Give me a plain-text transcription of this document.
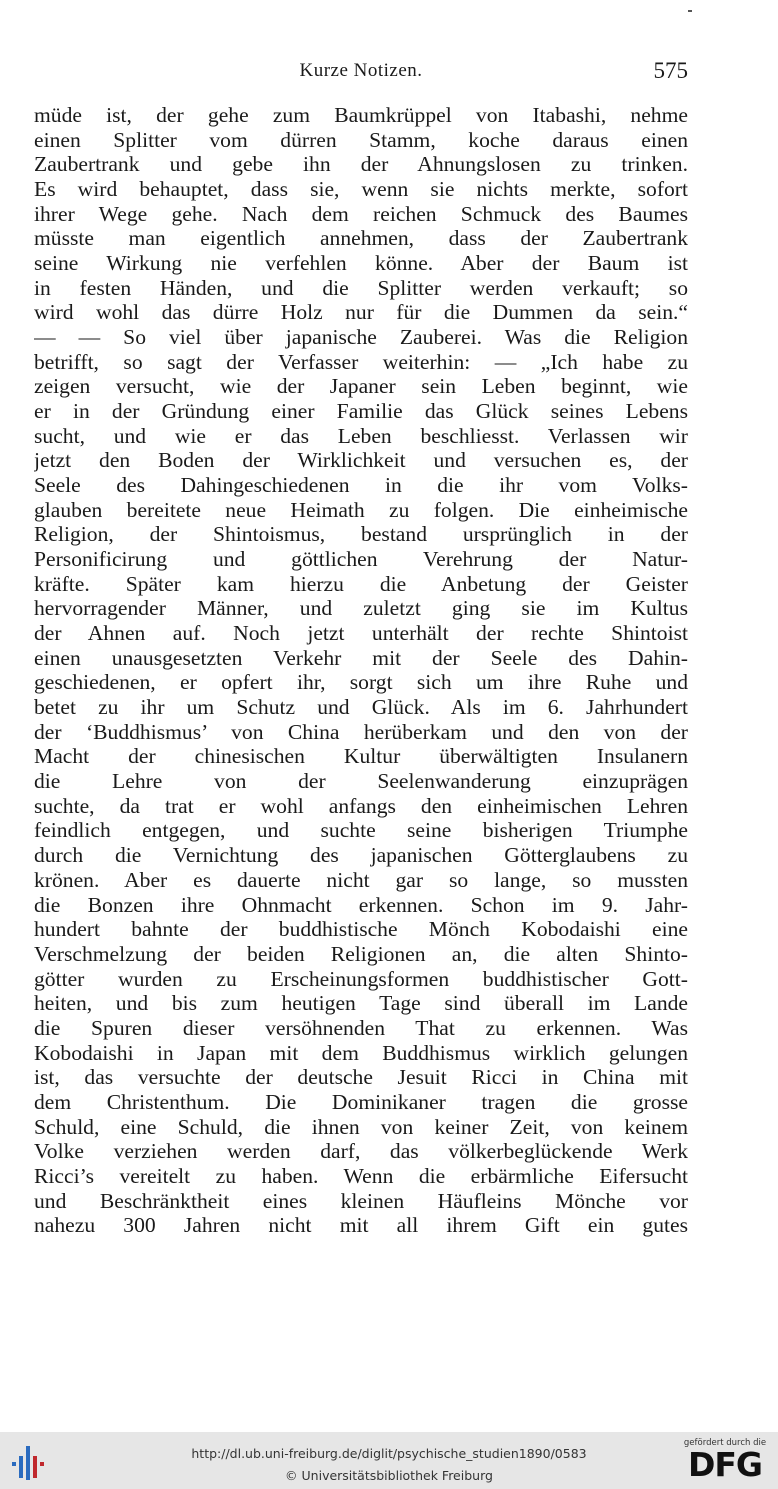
Kurze Notizen.	575
müde ist, der gehe zum Baumkrüppel von Itabashi, nehme
einen Splitter vom dürren Stamm, koche daraus einen
Zaubertrank und gebe ihn der Ahnungslosen zu trinken.
Es wird behauptet, dass sie, wenn sie nichts merkte, sofort
ihrer Wege gehe. Nach dem reichen Schmuck des Baumes
müsste man eigentlich annehmen, dass der Zaubertrank
seine Wirkung nie verfehlen könne. Aber der Baum ist
in festen Händen, und die Splitter werden verkauft; so
wird wohl das dürre Holz nur für die Dummen da sein.“
— — So viel über japanische Zauberei. Was die Religion
betrifft, so sagt der Verfasser weiterhin: — „Ich habe zu
zeigen versucht, wie der Japaner sein Leben beginnt, wie
er in der Gründung einer Familie das Glück seines Lebens
sucht, und wie er das Leben beschliesst. Verlassen wir
jetzt den Boden der Wirklichkeit und versuchen es, der
Seele des Dahingeschiedenen in die ihr vom Volks-
glauben bereitete neue Heimath zu folgen. Die einheimische
Religion, der Shintoismus, bestand ursprünglich in der
Personificirung und göttlichen Verehrung der Natur-
kräfte. Später kam hierzu die Anbetung der Geister
hervorragender Männer, und zuletzt ging sie im Kultus
der Ahnen auf. Noch jetzt unterhält der rechte Shintoist
einen unausgesetzten Verkehr mit der Seele des Dahin-
geschiedenen, er opfert ihr, sorgt sich um ihre Ruhe und
betet zu ihr um Schutz und Glück. Als im 6. Jahrhundert
der ‘Buddhismus’ von China herüberkam und den von der
Macht der chinesischen Kultur überwältigten Insulanern
die Lehre von der Seelenwanderung einzuprägen
suchte, da trat er wohl anfangs den einheimischen Lehren
feindlich entgegen, und suchte seine bisherigen Triumphe
durch die Vernichtung des japanischen Götterglaubens zu
krönen. Aber es dauerte nicht gar so lange, so mussten
die Bonzen ihre Ohnmacht erkennen. Schon im 9. Jahr-
hundert bahnte der buddhistische Mönch Kobodaishi eine
Verschmelzung der beiden Religionen an, die alten Shinto-
götter wurden zu Erscheinungsformen buddhistischer Gott-
heiten, und bis zum heutigen Tage sind überall im Lande
die Spuren dieser versöhnenden That zu erkennen. Was
Kobodaishi in Japan mit dem Buddhismus wirklich gelungen
ist, das versuchte der deutsche Jesuit Ricci in China mit
dem Christenthum. Die Dominikaner tragen die grosse
Schuld, eine Schuld, die ihnen von keiner Zeit, von keinem
Volke verziehen werden darf, das völkerbeglückende Werk
Ricci’s vereitelt zu haben. Wenn die erbärmliche Eifersucht
und Beschränktheit eines kleinen Häufleins Mönche vor
nahezu 300 Jahren nicht mit all ihrem Gift ein gutes
http://dl.ub.uni-freiburg.de/diglit/psychische_studien1890/0583
© Universitätsbibliothek Freiburg
gefördert durch die
DFG
